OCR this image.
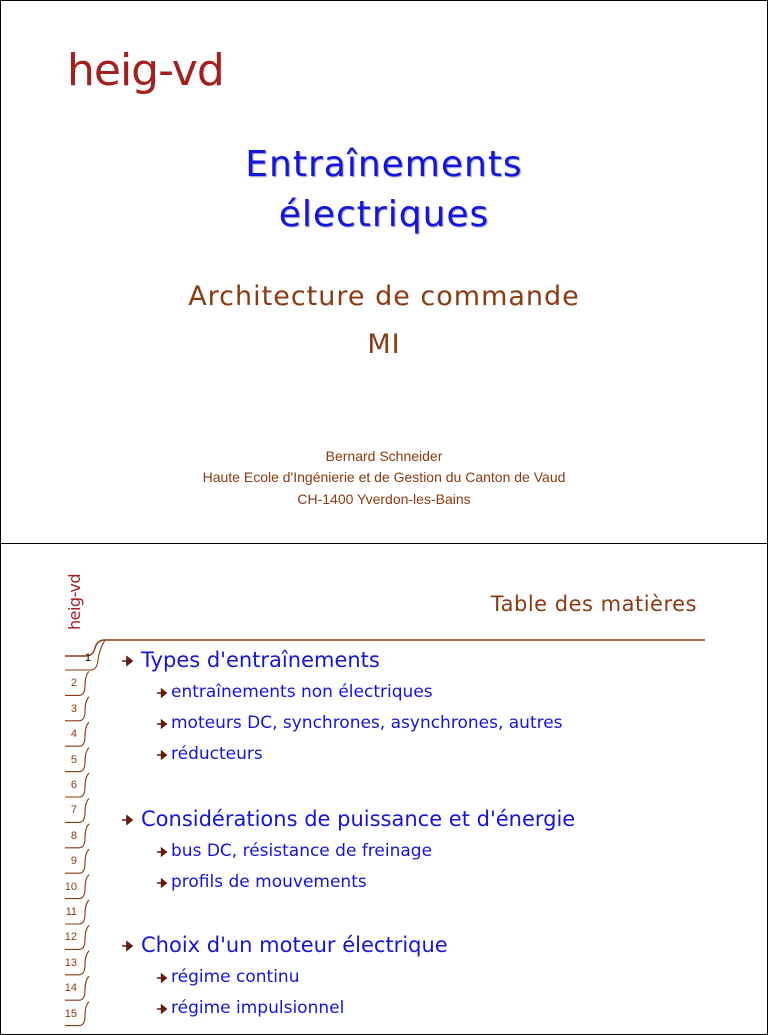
heig-vd
Entraînements
électriques
Architecture de commande
MI
Bernard Schneider
Haute Ecole d'Ingénierie et de Gestion du Canton de Vaud
CH-1400 Yverdon-les-Bains
heig-vd	Table des matières
1
2
3
4
5
6
7
8
9
10
11
12
13
14
15
Types d'entraînements
entraînements non électriques
moteurs DC, synchrones, asynchrones, autres
réducteurs
Considérations de puissance et d'énergie
bus DC, résistance de freinage
profils de mouvements
Choix d'un moteur électrique
régime continu
régime impulsionnel
